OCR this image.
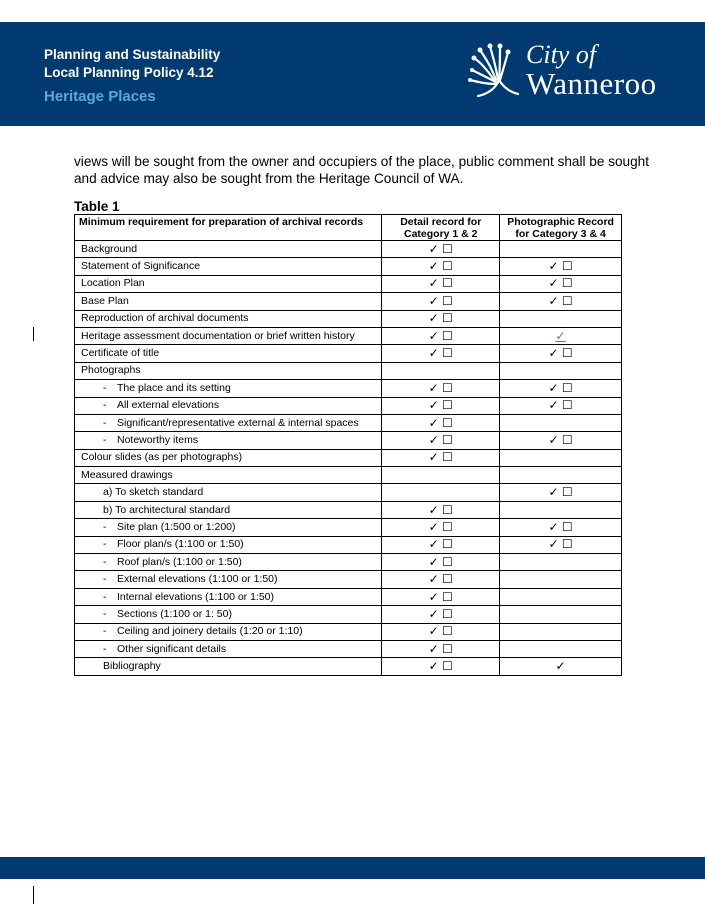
Planning and Sustainability
Local Planning Policy 4.12
Heritage Places
City of
Wanneroo
views will be sought from the owner and occupiers of the place, public comment shall be sought and advice may also be sought from the Heritage Council of WA.
Table 1
Minimum requirement for preparation of archival records	Detail record for Category 1 & 2	Photographic Record for Category 3 & 4
Background	✓ ☐	
Statement of Significance	✓ ☐	✓ ☐
Location Plan	✓ ☐	✓ ☐
Base Plan	✓ ☐	✓ ☐
Reproduction of archival documents	✓ ☐	
Heritage assessment documentation or brief written history	✓ ☐	✓
Certificate of title	✓ ☐	✓ ☐
Photographs		
- The place and its setting	✓ ☐	✓ ☐
- All external elevations	✓ ☐	✓ ☐
- Significant/representative external & internal spaces	✓ ☐	
- Noteworthy items	✓ ☐	✓ ☐
Colour slides (as per photographs)	✓ ☐	
Measured drawings		
a) To sketch standard		✓ ☐
b) To architectural standard	✓ ☐	
- Site plan (1:500 or 1:200)	✓ ☐	✓ ☐
- Floor plan/s (1:100 or 1:50)	✓ ☐	✓ ☐
- Roof plan/s (1:100 or 1:50)	✓ ☐	
- External elevations (1:100 or 1:50)	✓ ☐	
- Internal elevations (1:100 or 1:50)	✓ ☐	
- Sections (1:100 or 1: 50)	✓ ☐	
- Ceiling and joinery details (1:20 or 1:10)	✓ ☐	
- Other significant details	✓ ☐	
Bibliography	✓ ☐	✓
